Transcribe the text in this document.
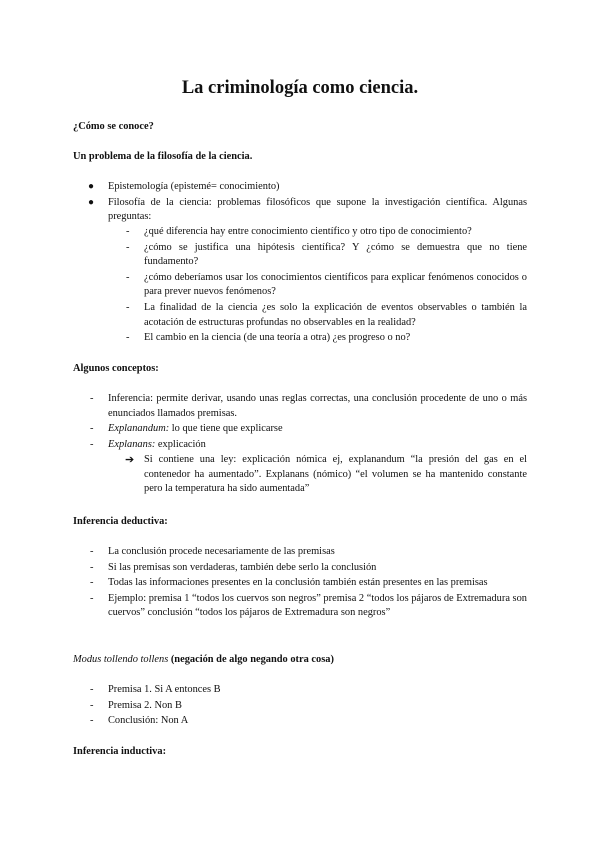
La criminología como ciencia.
¿Cómo se conoce?
Un problema de la filosofía de la ciencia.
● Epistemología (epistemé= conocimiento)
● Filosofía de la ciencia: problemas filosóficos que supone la investigación científica. Algunas preguntas:
- ¿qué diferencia hay entre conocimiento científico y otro tipo de conocimiento?
- ¿cómo se justifica una hipótesis científica? Y ¿cómo se demuestra que no tiene fundamento?
- ¿cómo deberíamos usar los conocimientos científicos para explicar fenómenos conocidos o para prever nuevos fenómenos?
- La finalidad de la ciencia ¿es solo la explicación de eventos observables o también la acotación de estructuras profundas no observables en la realidad?
- El cambio en la ciencia (de una teoría a otra) ¿es progreso o no?
Algunos conceptos:
- Inferencia: permite derivar, usando unas reglas correctas, una conclusión procedente de uno o más enunciados llamados premisas.
- Explanandum: lo que tiene que explicarse
- Explanans: explicación
➔ Si contiene una ley: explicación nómica ej, explanandum “la presión del gas en el contenedor ha aumentado”. Explanans (nómico) “el volumen se ha mantenido constante pero la temperatura ha sido aumentada”
Inferencia deductiva:
- La conclusión procede necesariamente de las premisas
- Si las premisas son verdaderas, también debe serlo la conclusión
- Todas las informaciones presentes en la conclusión también están presentes en las premisas
- Ejemplo: premisa 1 “todos los cuervos son negros” premisa 2 “todos los pájaros de Extremadura son cuervos” conclusión “todos los pájaros de Extremadura son negros”
Modus tollendo tollens (negación de algo negando otra cosa)
- Premisa 1. Si A entonces B
- Premisa 2. Non B
- Conclusión: Non A
Inferencia inductiva:
